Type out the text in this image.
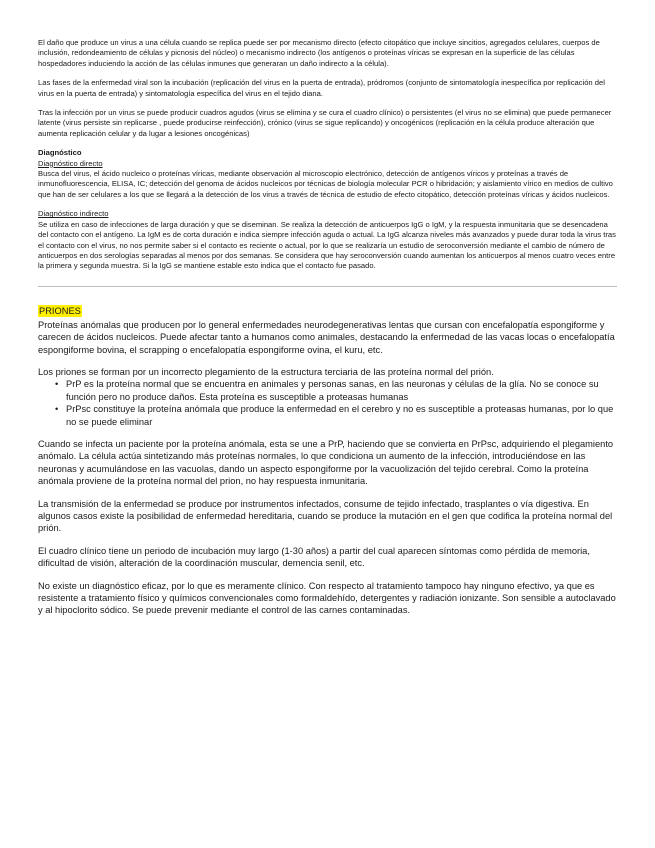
El daño que produce un virus a una célula cuando se replica puede ser por mecanismo directo (efecto citopático que incluye sincitios, agregados celulares, cuerpos de inclusión, redondeamiento de células y picnosis del núcleo) o mecanismo indirecto (los antígenos o proteínas víricas se expresan en la superficie de las células hospedadores induciendo la acción de las células inmunes que generaran un daño indirecto a la célula).

Las fases de la enfermedad viral son la incubación (replicación del virus en la puerta de entrada), pródromos (conjunto de sintomatología inespecífica por replicación del virus en la puerta de entrada) y sintomatología específica del virus en el tejido diana.

Tras la infección por un virus se puede producir cuadros agudos (virus se elimina y se cura el cuadro clínico) o persistentes (el virus no se elimina) que puede permanecer latente (virus persiste sin replicarse , puede producirse reinfección), crónico (virus se sigue replicando) y oncogénicos (replicación en la célula produce alteración que aumenta replicación celular y da lugar a lesiones oncogénicas)

Diagnóstico
Diagnóstico directo

Busca del virus, el ácido nucleico o proteínas víricas, mediante observación al microscopio electrónico, detección de antígenos víricos y proteínas a través de inmunofluorescencia, ELISA, IC; detección del genoma de ácidos nucleicos por técnicas de biología molecular PCR o hibridación; y aislamiento vírico en medios de cultivo que han de ser celulares a los que se llegará a la detección de los virus a través de técnica de estudio de efecto citopático, detección proteínas víricas y ácidos nucleicos.

Diagnóstico indirecto

Se utiliza en caso de infecciones de larga duración y que se diseminan. Se realiza la detección de anticuerpos IgG o IgM, y la respuesta inmunitaria que se desencadena del contacto con el antígeno. La IgM es de corta duración e indica siempre infección aguda o actual. La IgG alcanza niveles más avanzados y puede durar toda la virus tras el contacto con el virus, no nos permite saber si el contacto es reciente o actual, por lo que se realizaría un estudio de seroconversión mediante el cambio de número de anticuerpos en dos serologías separadas al menos por dos semanas. Se considera que hay seroconversión cuando aumentan los anticuerpos al menos cuatro veces entre la primera y segunda muestra. Si la IgG se mantiene estable esto indica que el contacto fue pasado.

PRIONES

Proteínas anómalas que producen por lo general enfermedades neurodegenerativas lentas que cursan con encefalopatía espongiforme y carecen de ácidos nucleicos. Puede afectar tanto a humanos como animales, destacando la enfermedad de las vacas locas o encefalopatía espongiforme bovina, el scrapping o encefalopatía espongiforme ovina, el kuru, etc.

Los priones se forman por un incorrecto plegamiento de la estructura terciaria de las proteína normal del prión.

• PrP es la proteína normal que se encuentra en animales y personas sanas, en las neuronas y células de la glía. No se conoce su función pero no produce daños. Esta proteína es susceptible a proteasas humanas
• PrPsc constituye la proteína anómala que produce la enfermedad en el cerebro y no es susceptible a proteasas humanas, por lo que no se puede eliminar

Cuando se infecta un paciente por la proteína anómala, esta se une a PrP, haciendo que se convierta en PrPsc, adquiriendo el plegamiento anómalo. La célula actúa sintetizando más proteínas normales, lo que condiciona un aumento de la infección, introduciéndose en las neuronas y acumulándose en las vacuolas, dando un aspecto espongiforme por la vacuolización del tejido cerebral. Como la proteína anómala proviene de la proteína normal del prion, no hay respuesta inmunitaria.

La transmisión de la enfermedad se produce por instrumentos infectados, consume de tejido infectado, trasplantes o vía digestiva. En algunos casos existe la posibilidad de enfermedad hereditaria, cuando se produce la mutación en el gen que codifica la proteína normal del prión.

El cuadro clínico tiene un periodo de incubación muy largo (1-30 años) a partir del cual aparecen síntomas como pérdida de memoria, dificultad de visión, alteración de la coordinación muscular, demencia senil, etc.

No existe un diagnóstico eficaz, por lo que es meramente clínico. Con respecto al tratamiento tampoco hay ninguno efectivo, ya que es resistente a tratamiento físico y químicos convencionales como formaldehído, detergentes y radiación ionizante. Son sensible a autoclavado y al hipoclorito sódico. Se puede prevenir mediante el control de las carnes contaminadas.
